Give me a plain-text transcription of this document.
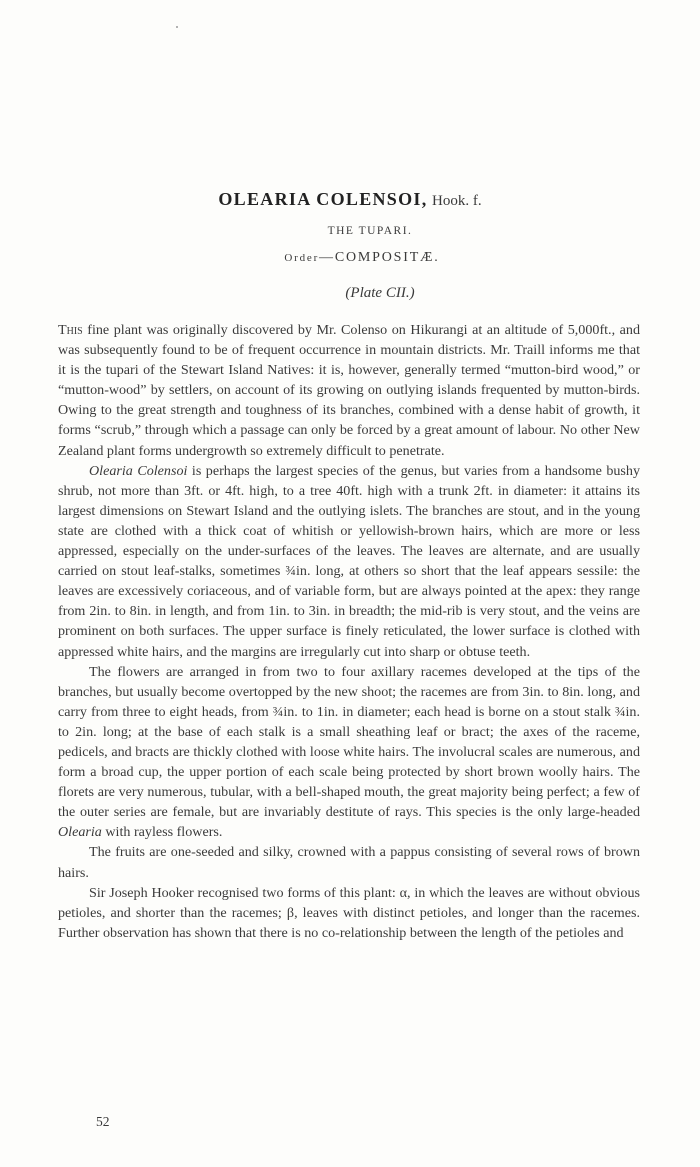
OLEARIA COLENSOI, Hook. f.
THE TUPARI.
Order—COMPOSITÆ.
(Plate CII.)

This fine plant was originally discovered by Mr. Colenso on Hikurangi at an altitude of 5,000ft., and was subsequently found to be of frequent occurrence in mountain districts. Mr. Traill informs me that it is the tupari of the Stewart Island Natives: it is, however, generally termed “mutton-bird wood,” or “mutton-wood” by settlers, on account of its growing on outlying islands frequented by mutton-birds. Owing to the great strength and toughness of its branches, combined with a dense habit of growth, it forms “scrub,” through which a passage can only be forced by a great amount of labour. No other New Zealand plant forms undergrowth so extremely difficult to penetrate.

Olearia Colensoi is perhaps the largest species of the genus, but varies from a handsome bushy shrub, not more than 3ft. or 4ft. high, to a tree 40ft. high with a trunk 2ft. in diameter: it attains its largest dimensions on Stewart Island and the outlying islets. The branches are stout, and in the young state are clothed with a thick coat of whitish or yellowish-brown hairs, which are more or less appressed, especially on the under-surfaces of the leaves. The leaves are alternate, and are usually carried on stout leaf-stalks, sometimes ¾in. long, at others so short that the leaf appears sessile: the leaves are excessively coriaceous, and of variable form, but are always pointed at the apex: they range from 2in. to 8in. in length, and from 1in. to 3in. in breadth; the mid-rib is very stout, and the veins are prominent on both surfaces. The upper surface is finely reticulated, the lower surface is clothed with appressed white hairs, and the margins are irregularly cut into sharp or obtuse teeth.

The flowers are arranged in from two to four axillary racemes developed at the tips of the branches, but usually become overtopped by the new shoot; the racemes are from 3in. to 8in. long, and carry from three to eight heads, from ¾in. to 1in. in diameter; each head is borne on a stout stalk ¾in. to 2in. long; at the base of each stalk is a small sheathing leaf or bract; the axes of the raceme, pedicels, and bracts are thickly clothed with loose white hairs. The involucral scales are numerous, and form a broad cup, the upper portion of each scale being protected by short brown woolly hairs. The florets are very numerous, tubular, with a bell-shaped mouth, the great majority being perfect; a few of the outer series are female, but are invariably destitute of rays. This species is the only large-headed Olearia with rayless flowers.

The fruits are one-seeded and silky, crowned with a pappus consisting of several rows of brown hairs.

Sir Joseph Hooker recognised two forms of this plant: α, in which the leaves are without obvious petioles, and shorter than the racemes; β, leaves with distinct petioles, and longer than the racemes. Further observation has shown that there is no co-relationship between the length of the petioles and

52
